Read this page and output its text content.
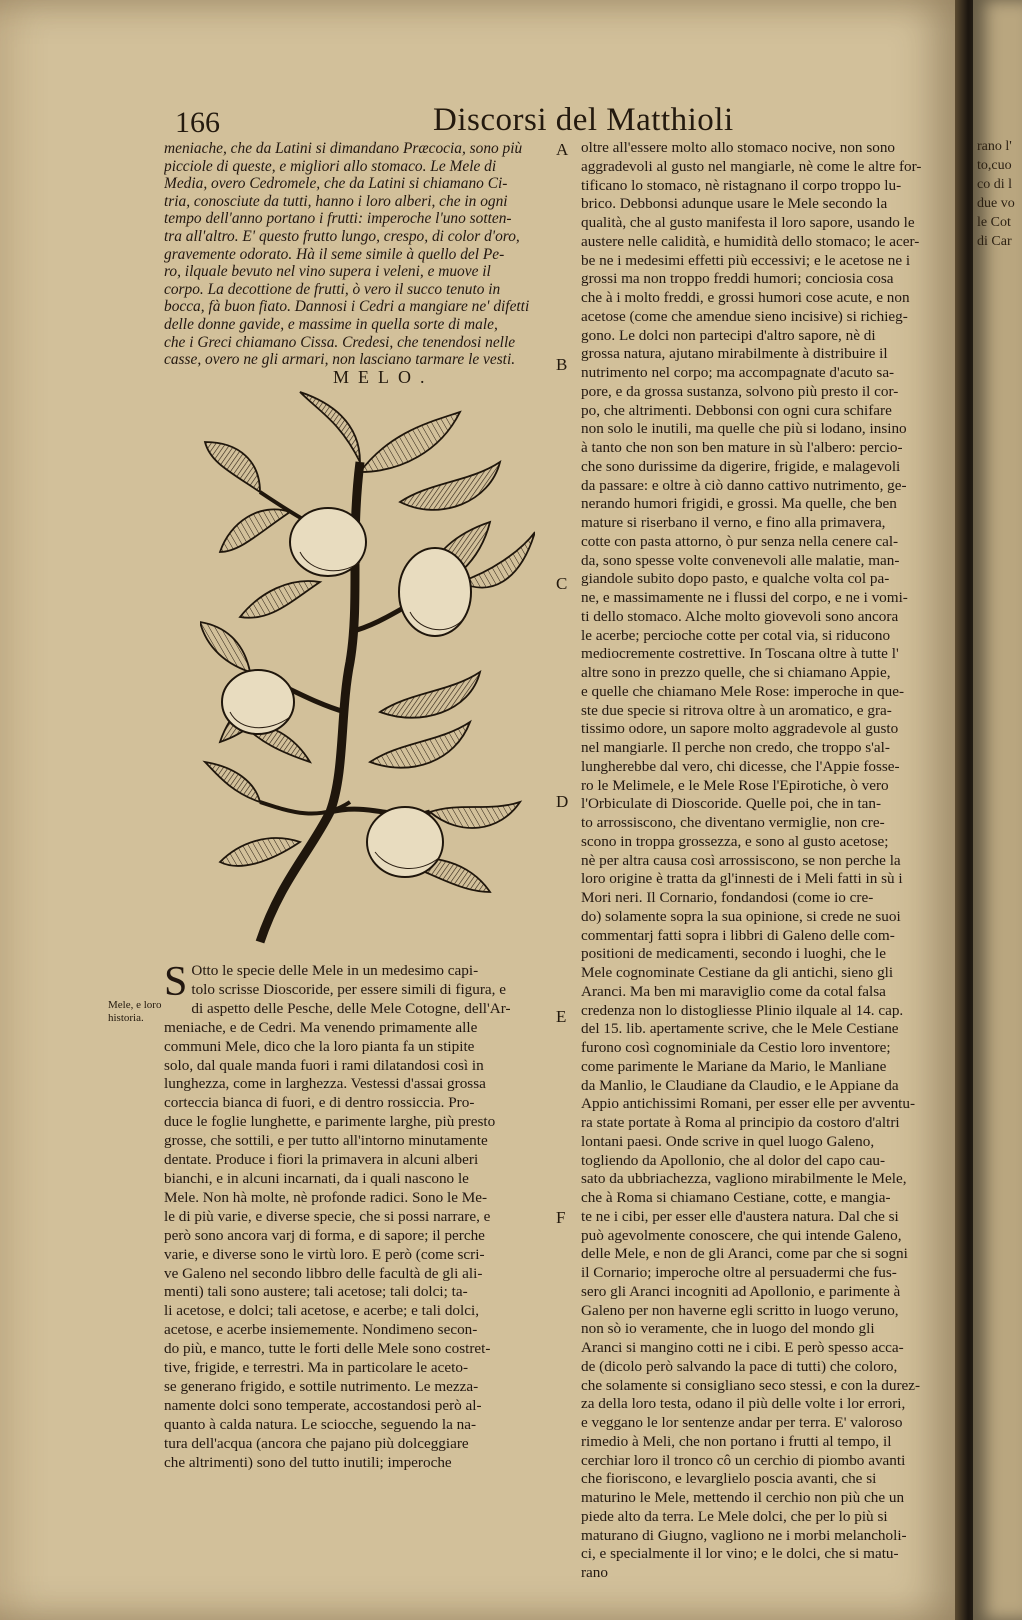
166	Discorsi del Matthioli
meniache, che da Latini si dimandano Præcocia, sono più
picciole di queste, e migliori allo stomaco. Le Mele di
Media, overo Cedromele, che da Latini si chiamano Ci-
tria, conosciute da tutti, hanno i loro alberi, che in ogni
tempo dell'anno portano i frutti: imperoche l'uno sotten-
tra all'altro. E' questo frutto lungo, crespo, di color d'oro,
gravemente odorato. Hà il seme simile à quello del Pe-
ro, ilquale bevuto nel vino supera i veleni, e muove il
corpo. La decottione de frutti, ò vero il succo tenuto in
bocca, fà buon fiato. Dannosi i Cedri a mangiare ne' difetti
delle donne gavide, e massime in quella sorte di male,
che i Greci chiamano Cissa. Credesi, che tenendosi nelle
casse, overo ne gli armari, non lasciano tarmare le vesti.
MELO.
Mele, e loro historia.
S Otto le specie delle Mele in un medesimo capi-
tolo scrisse Dioscoride, per essere simili di figura, e
di aspetto delle Pesche, delle Mele Cotogne, dell'Ar-
meniache, e de Cedri. Ma venendo primamente alle
communi Mele, dico che la loro pianta fa un stipite
solo, dal quale manda fuori i rami dilatandosi così in
lunghezza, come in larghezza. Vestessi d'assai grossa
corteccia bianca di fuori, e di dentro rossiccia. Pro-
duce le foglie lunghette, e parimente larghe, più presto
grosse, che sottili, e per tutto all'intorno minutamente
dentate. Produce i fiori la primavera in alcuni alberi
bianchi, e in alcuni incarnati, da i quali nascono le
Mele. Non hà molte, nè profonde radici. Sono le Me-
le di più varie, e diverse specie, che si possi narrare, e
però sono ancora varj di forma, e di sapore; il perche
varie, e diverse sono le virtù loro. E però (come scri-
ve Galeno nel secondo libbro delle facultà de gli ali-
menti) tali sono austere; tali acetose; tali dolci; ta-
li acetose, e dolci; tali acetose, e acerbe; e tali dolci,
acetose, e acerbe insiememente. Nondimeno secon-
do più, e manco, tutte le forti delle Mele sono costret-
tive, frigide, e terrestri. Ma in particolare le aceto-
se generano frigido, e sottile nutrimento. Le mezza-
namente dolci sono temperate, accostandosi però al-
quanto à calda natura. Le sciocche, seguendo la na-
tura dell'acqua (ancora che pajano più dolceggiare
che altrimenti) sono del tutto inutili; imperoche
A
B
C
D
E
F
oltre all'essere molto allo stomaco nocive, non sono
aggradevoli al gusto nel mangiarle, nè come le altre for-
tificano lo stomaco, nè ristagnano il corpo troppo lu-
brico. Debbonsi adunque usare le Mele secondo la
qualità, che al gusto manifesta il loro sapore, usando le
austere nelle calidità, e humidità dello stomaco; le acer-
be ne i medesimi effetti più eccessivi; e le acetose ne i
grossi ma non troppo freddi humori; conciosia cosa
che à i molto freddi, e grossi humori cose acute, e non
acetose (come che amendue sieno incisive) si richieg-
gono. Le dolci non partecipi d'altro sapore, nè di
grossa natura, ajutano mirabilmente à distribuire il
nutrimento nel corpo; ma accompagnate d'acuto sa-
pore, e da grossa sustanza, solvono più presto il cor-
po, che altrimenti. Debbonsi con ogni cura schifare
non solo le inutili, ma quelle che più si lodano, insino
à tanto che non son ben mature in sù l'albero: percio-
che sono durissime da digerire, frigide, e malagevoli
da passare: e oltre à ciò danno cattivo nutrimento, ge-
nerando humori frigidi, e grossi. Ma quelle, che ben
mature si riserbano il verno, e fino alla primavera,
cotte con pasta attorno, ò pur senza nella cenere cal-
da, sono spesse volte convenevoli alle malatie, man-
giandole subito dopo pasto, e qualche volta col pa-
ne, e massimamente ne i flussi del corpo, e ne i vomi-
ti dello stomaco. Alche molto giovevoli sono ancora
le acerbe; percioche cotte per cotal via, si riducono
mediocremente costrettive. In Toscana oltre à tutte l'
altre sono in prezzo quelle, che si chiamano Appie,
e quelle che chiamano Mele Rose: imperoche in que-
ste due specie si ritrova oltre à un aromatico, e gra-
tissimo odore, un sapore molto aggradevole al gusto
nel mangiarle. Il perche non credo, che troppo s'al-
lungherebbe dal vero, chi dicesse, che l'Appie fosse-
ro le Melimele, e le Mele Rose l'Epirotiche, ò vero
l'Orbiculate di Dioscoride. Quelle poi, che in tan-
to arrossiscono, che diventano vermiglie, non cre-
scono in troppa grossezza, e sono al gusto acetose;
nè per altra causa così arrossiscono, se non perche la
loro origine è tratta da gl'innesti de i Meli fatti in sù i
Mori neri. Il Cornario, fondandosi (come io cre-
do) solamente sopra la sua opinione, si crede ne suoi
commentarj fatti sopra i libbri di Galeno delle com-
positioni de medicamenti, secondo i luoghi, che le
Mele cognominate Cestiane da gli antichi, sieno gli
Aranci. Ma ben mi maraviglio come da cotal falsa
credenza non lo distogliesse Plinio ilquale al 14. cap.
del 15. lib. apertamente scrive, che le Mele Cestiane
furono così cognominiale da Cestio loro inventore;
come parimente le Mariane da Mario, le Manliane
da Manlio, le Claudiane da Claudio, e le Appiane da
Appio antichissimi Romani, per esser elle per avventu-
ra state portate à Roma al principio da costoro d'altri
lontani paesi. Onde scrive in quel luogo Galeno,
togliendo da Apollonio, che al dolor del capo cau-
sato da ubbriachezza, vagliono mirabilmente le Mele,
che à Roma si chiamano Cestiane, cotte, e mangia-
te ne i cibi, per esser elle d'austera natura. Dal che si
può agevolmente conoscere, che qui intende Galeno,
delle Mele, e non de gli Aranci, come par che si sogni
il Cornario; imperoche oltre al persuadermi che fus-
sero gli Aranci incogniti ad Apollonio, e parimente à
Galeno per non haverne egli scritto in luogo veruno,
non sò io veramente, che in luogo del mondo gli
Aranci si mangino cotti ne i cibi. E però spesso acca-
de (dicolo però salvando la pace di tutti) che coloro,
che solamente si consigliano seco stessi, e con la durez-
za della loro testa, odano il più delle volte i lor errori,
e veggano le lor sentenze andar per terra. E' valoroso
rimedio à Meli, che non portano i frutti al tempo, il
cerchiar loro il tronco cô un cerchio di piombo avanti
che fioriscono, e levarglielo poscia avanti, che si
maturino le Mele, mettendo il cerchio non più che un
piede alto da terra. Le Mele dolci, che per lo più si
maturano di Giugno, vagliono ne i morbi melancholi-
ci, e specialmente il lor vino; e le dolci, che si matu-
rano
rano l'
to,cuo
co di l
due vo
le Cot
di Car
